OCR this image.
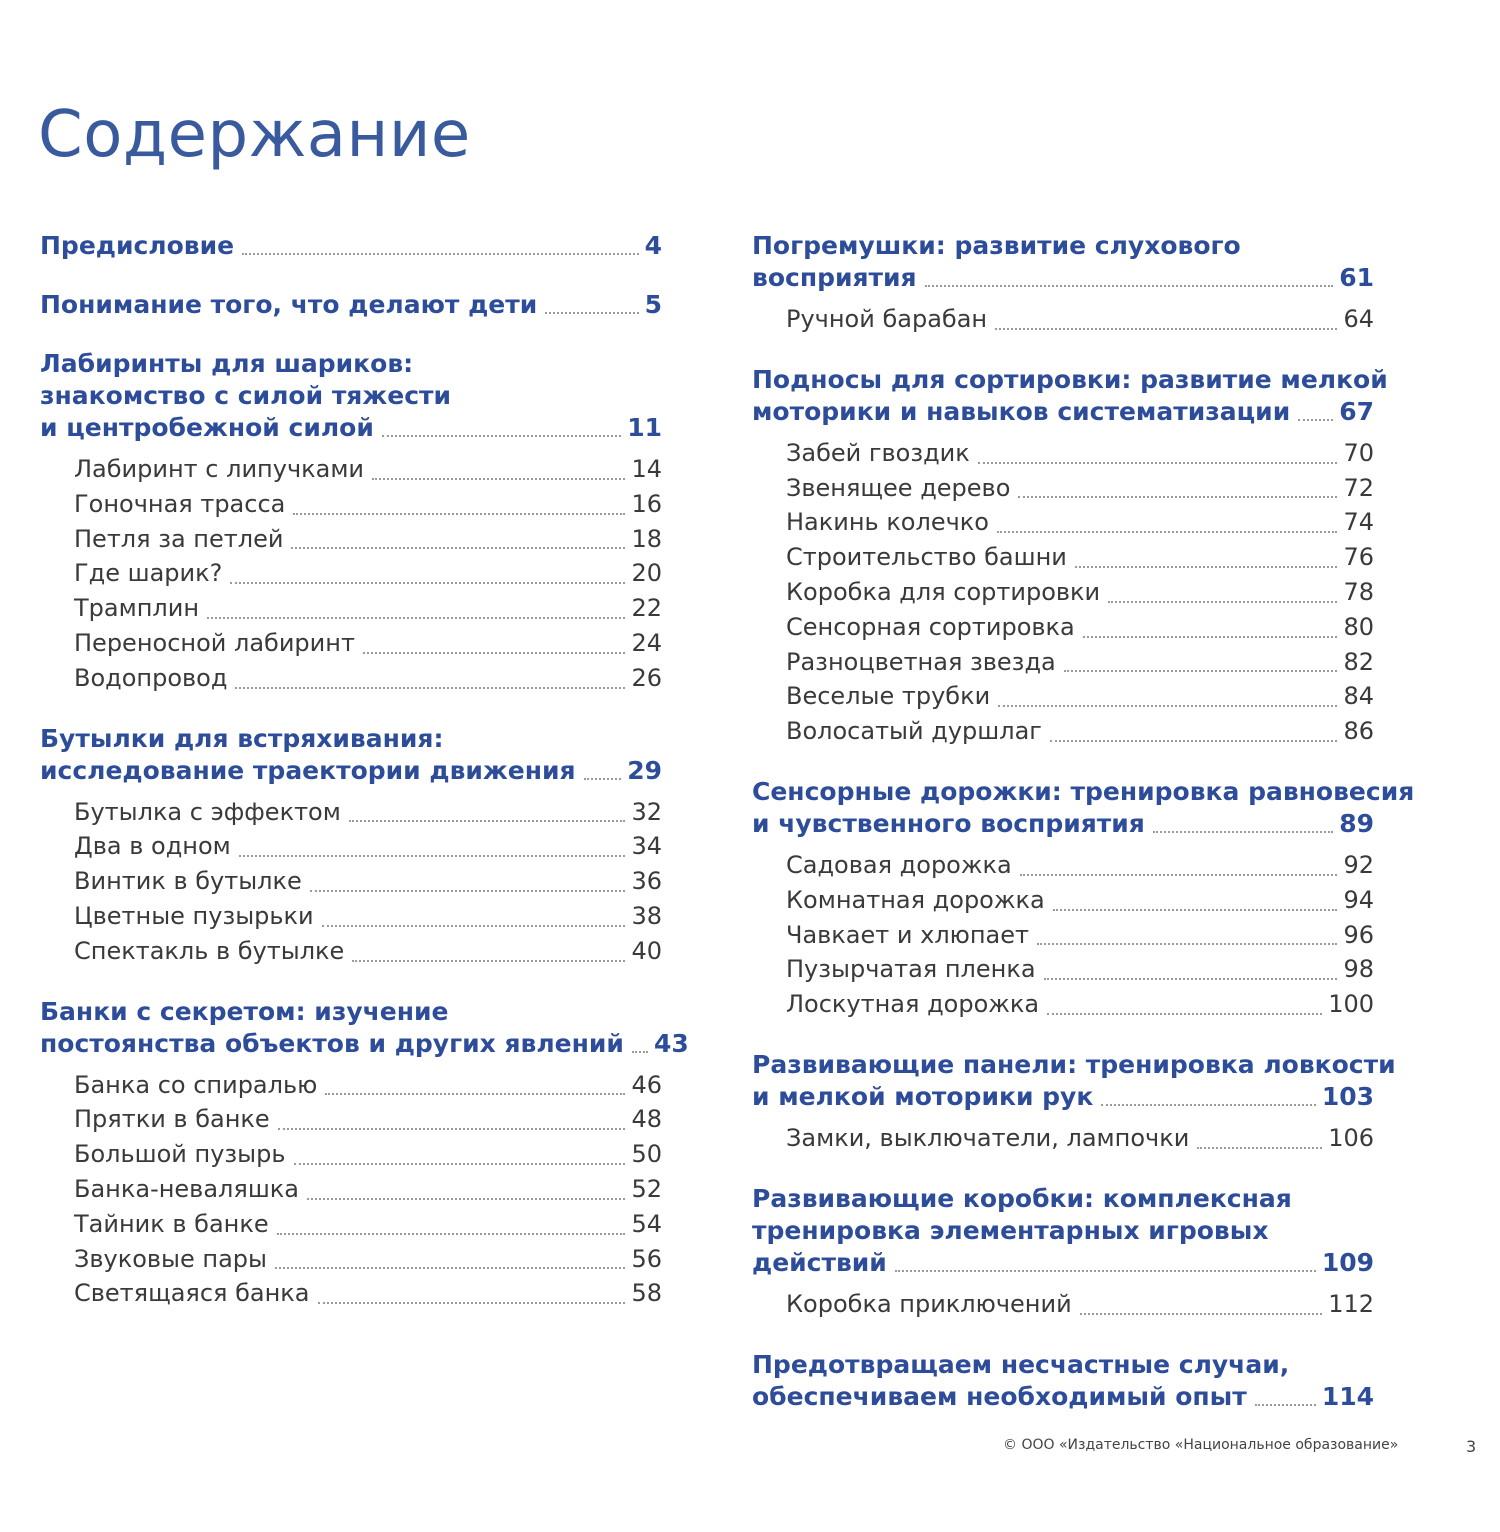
Содержание
Предисловие	4
Понимание того, что делают дети	5
Лабиринты для шариков:
знакомство с силой тяжести
и центробежной силой	11
Лабиринт с липучками	14
Гоночная трасса	16
Петля за петлей	18
Где шарик?	20
Трамплин	22
Переносной лабиринт	24
Водопровод	26
Бутылки для встряхивания:
исследование траектории движения 29
Бутылка с эффектом	32
Два в одном	34
Винтик в бутылке	36
Цветные пузырьки	38
Спектакль в бутылке	40
Банки с секретом: изучение
постоянства объектов и других явлений 43
Банка со спиралью	46
Прятки в банке	48
Большой пузырь	50
Банка-неваляшка	52
Тайник в банке	54
Звуковые пары	56
Светящаяся банка	58
Погремушки: развитие слухового
восприятия	61
Ручной барабан	64
Подносы для сортировки: развитие мелкой
моторики и навыков систематизации 67
Забей гвоздик	70
Звенящее дерево	72
Накинь колечко	74
Строительство башни	76
Коробка для сортировки	78
Сенсорная сортировка	80
Разноцветная звезда	82
Веселые трубки	84
Волосатый дуршлаг	86
Сенсорные дорожки: тренировка равновесия
и чувственного восприятия	89
Садовая дорожка	92
Комнатная дорожка	94
Чавкает и хлюпает	96
Пузырчатая пленка	98
Лоскутная дорожка	100
Развивающие панели: тренировка ловкости
и мелкой моторики рук	103
Замки, выключатели, лампочки	106
Развивающие коробки: комплексная
тренировка элементарных игровых
действий	109
Коробка приключений	112
Предотвращаем несчастные случаи,
обеспечиваем необходимый опыт	114
© ООО «Издательство «Национальное образование»	3
